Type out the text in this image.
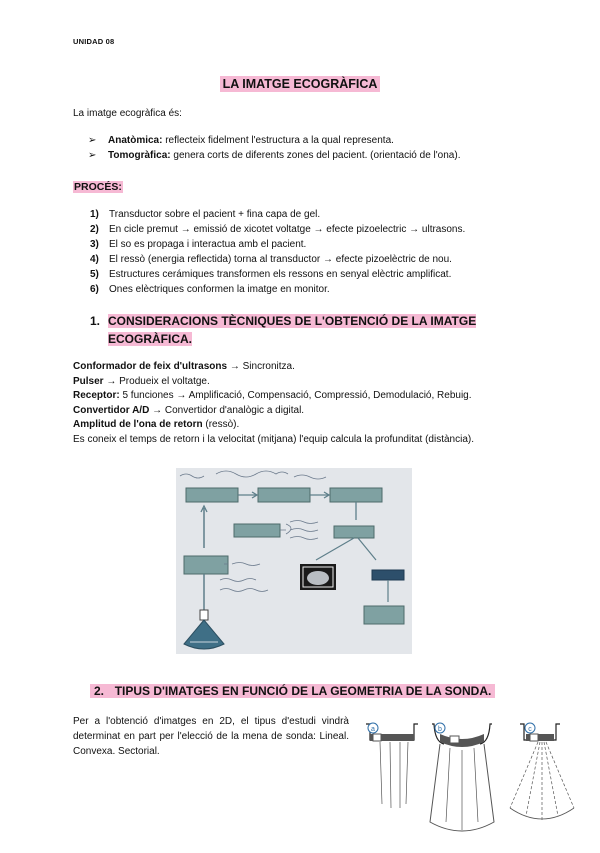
UNIDAD 08
LA IMATGE ECOGRÀFICA
La imatge ecogràfica és:
➢	Anatòmica: reflecteix fidelment l'estructura a la qual representa.
➢	Tomogràfica: genera corts de diferents zones del pacient. (orientació de l'ona).
PROCÉS:
1)	Transductor sobre el pacient + fina capa de gel.
2)	En cicle premut → emissió de xicotet voltatge → efecte pizoelectric → ultrasons.
3)	El so es propaga i interactua amb el pacient.
4)	El ressò (energia reflectida) torna al transductor → efecte pizoelèctric de nou.
5)	Estructures cerámiques transformen els ressons en senyal elèctric amplificat.
6)	Ones elèctriques conformen la imatge en monitor.
1. CONSIDERACIONS TÈCNIQUES DE L'OBTENCIÓ DE LA IMATGE
ECOGRÀFICA.
Conformador de feix d'ultrasons → Sincronitza.
Pulser → Produeix el voltatge.
Receptor: 5 funciones → Amplificació, Compensació, Compressió, Demodulació, Rebuig.
Convertidor A/D → Convertidor d'analògic a digital.
Amplitud de l'ona de retorn (ressò).
Es coneix el temps de retorn i la velocitat (mitjana) l'equip calcula la profunditat (distància).
2. TIPUS D'IMATGES EN FUNCIÓ DE LA GEOMETRIA DE LA SONDA.
Per a l'obtenció d'imatges en 2D, el tipus d'estudi vindrà determinat en part per l'elecció de la mena de sonda: Lineal. Convexa. Sectorial.
a	b	c
